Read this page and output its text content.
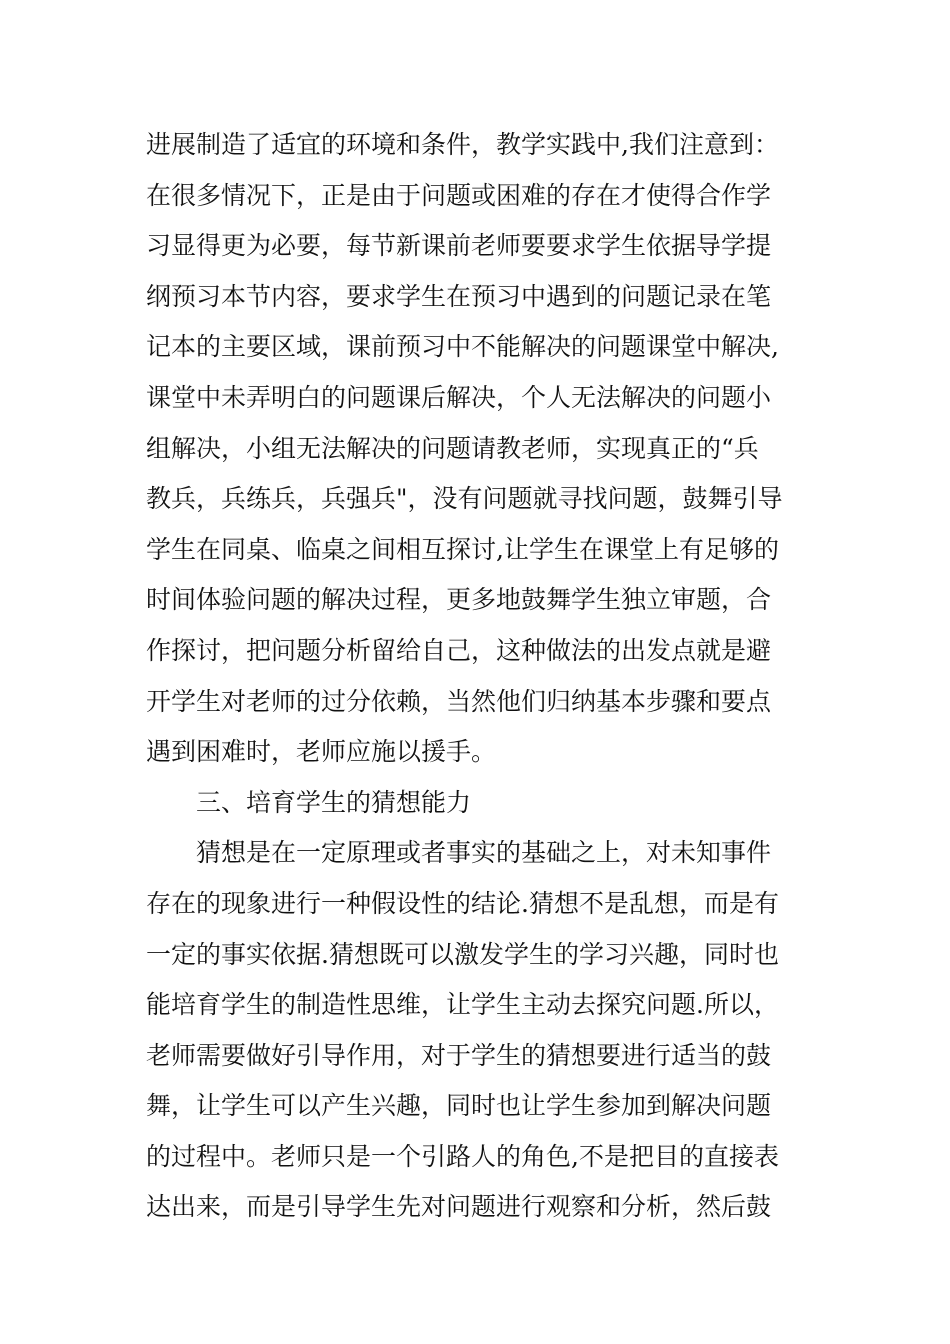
进展制造了适宜的环境和条件，教学实践中,我们注意到：
在很多情况下，正是由于问题或困难的存在才使得合作学
习显得更为必要，每节新课前老师要要求学生依据导学提
纲预习本节内容，要求学生在预习中遇到的问题记录在笔
记本的主要区域，课前预习中不能解决的问题课堂中解决,
课堂中未弄明白的问题课后解决，个人无法解决的问题小
组解决，小组无法解决的问题请教老师，实现真正的“兵
教兵，兵练兵，兵强兵"，没有问题就寻找问题，鼓舞引导
学生在同桌、临桌之间相互探讨,让学生在课堂上有足够的
时间体验问题的解决过程，更多地鼓舞学生独立审题，合
作探讨，把问题分析留给自己，这种做法的出发点就是避
开学生对老师的过分依赖，当然他们归纳基本步骤和要点
遇到困难时，老师应施以援手。
三、培育学生的猜想能力
猜想是在一定原理或者事实的基础之上，对未知事件
存在的现象进行一种假设性的结论.猜想不是乱想，而是有
一定的事实依据.猜想既可以激发学生的学习兴趣，同时也
能培育学生的制造性思维，让学生主动去探究问题.所以，
老师需要做好引导作用，对于学生的猜想要进行适当的鼓
舞，让学生可以产生兴趣，同时也让学生参加到解决问题
的过程中。老师只是一个引路人的角色,不是把目的直接表
达出来，而是引导学生先对问题进行观察和分析，然后鼓
